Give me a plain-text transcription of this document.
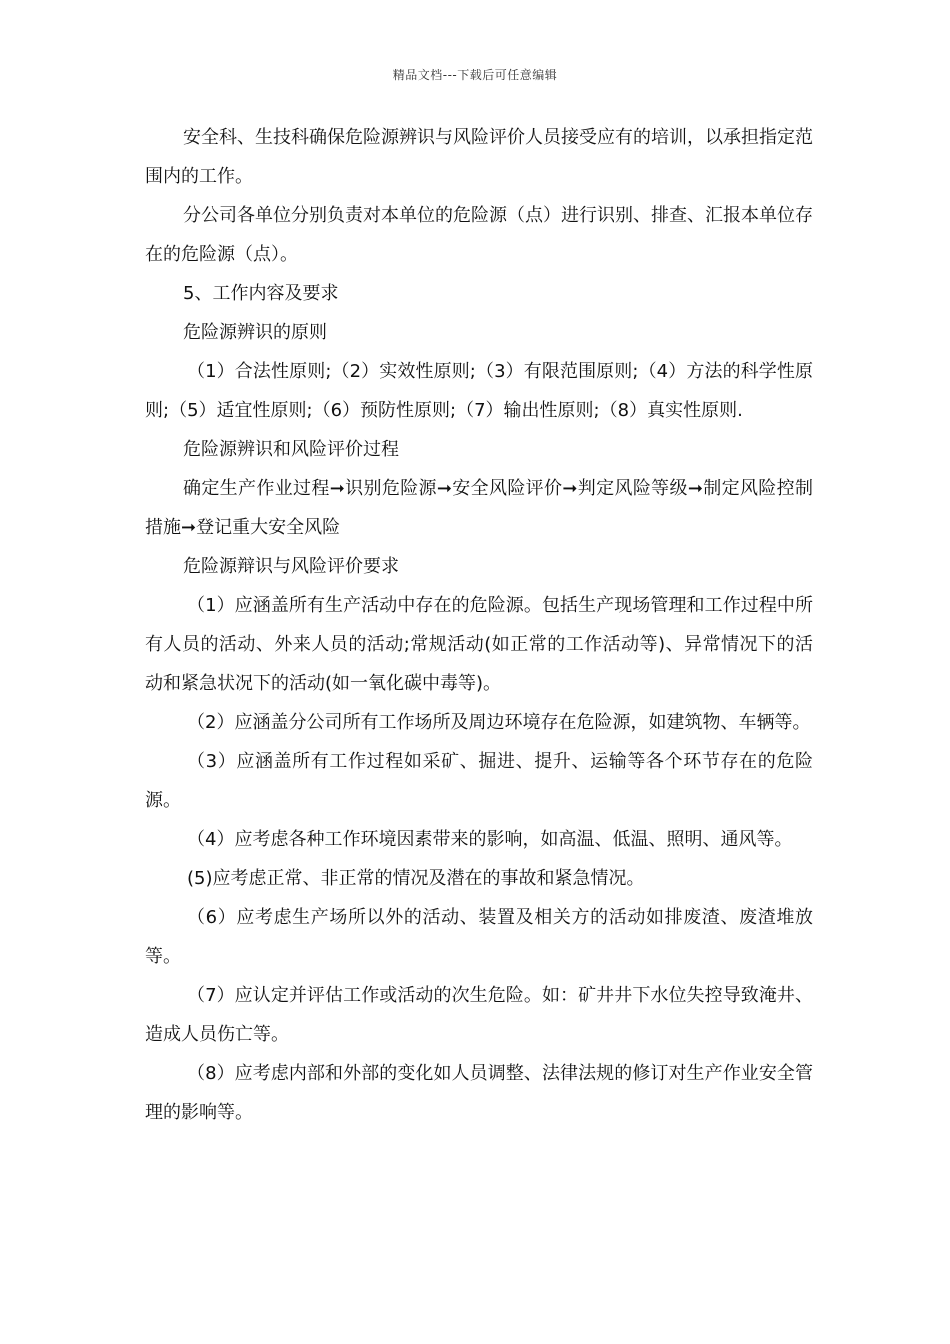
精品文档---下载后可任意编辑

安全科、生技科确保危险源辨识与风险评价人员接受应有的培训，以承担指定范围内的工作。

分公司各单位分别负责对本单位的危险源（点）进行识别、排查、汇报本单位存在的危险源（点）。

5、工作内容及要求

危险源辨识的原则

（1）合法性原则;（2）实效性原则;（3）有限范围原则;（4）方法的科学性原则;（5）适宜性原则;（6）预防性原则;（7）输出性原则;（8）真实性原则.

危险源辨识和风险评价过程

确定生产作业过程➞识别危险源➞安全风险评价➞判定风险等级➞制定风险控制措施➞登记重大安全风险

危险源辩识与风险评价要求

（1）应涵盖所有生产活动中存在的危险源。包括生产现场管理和工作过程中所有人员的活动、外来人员的活动;常规活动(如正常的工作活动等)、异常情况下的活动和紧急状况下的活动(如一氧化碳中毒等)。

（2）应涵盖分公司所有工作场所及周边环境存在危险源，如建筑物、车辆等。

（3）应涵盖所有工作过程如采矿、掘进、提升、运输等各个环节存在的危险源。

（4）应考虑各种工作环境因素带来的影响，如高温、低温、照明、通风等。

(5)应考虑正常、非正常的情况及潜在的事故和紧急情况。

（6）应考虑生产场所以外的活动、装置及相关方的活动如排废渣、废渣堆放等。

（7）应认定并评估工作或活动的次生危险。如：矿井井下水位失控导致淹井、造成人员伤亡等。

（8）应考虑内部和外部的变化如人员调整、法律法规的修订对生产作业安全管理的影响等。
